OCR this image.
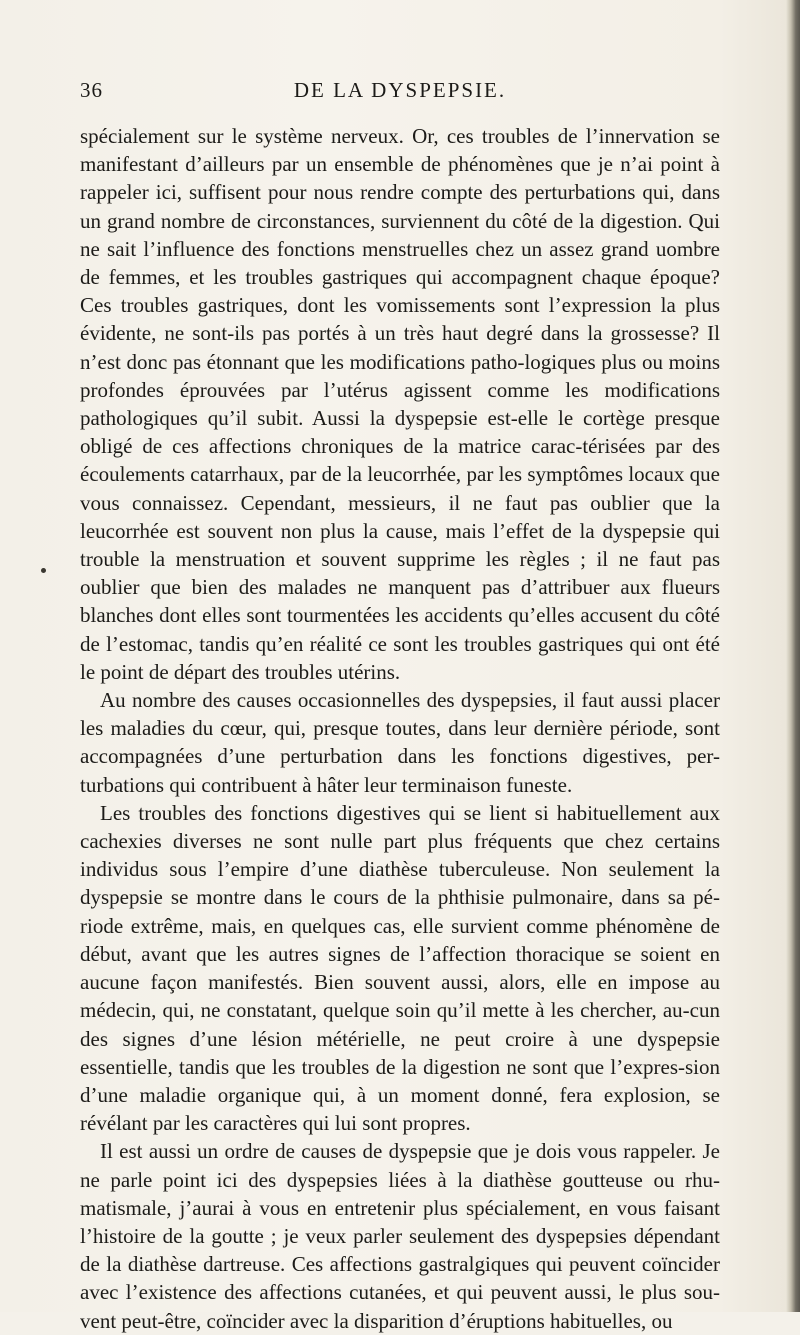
36	DE LA DYSPEPSIE.

spécialement sur le système nerveux. Or, ces troubles de l’innervation se manifestant d’ailleurs par un ensemble de phénomènes que je n’ai point à rappeler ici, suffisent pour nous rendre compte des perturbations qui, dans un grand nombre de circonstances, surviennent du côté de la digestion. Qui ne sait l’influence des fonctions menstruelles chez un assez grand uombre de femmes, et les troubles gastriques qui accompagnent chaque époque? Ces troubles gastriques, dont les vomissements sont l’expression la plus évidente, ne sont-ils pas portés à un très haut degré dans la grossesse? Il n’est donc pas étonnant que les modifications patho-logiques plus ou moins profondes éprouvées par l’utérus agissent comme les modifications pathologiques qu’il subit. Aussi la dyspepsie est-elle le cortège presque obligé de ces affections chroniques de la matrice carac-térisées par des écoulements catarrhaux, par de la leucorrhée, par les symptômes locaux que vous connaissez. Cependant, messieurs, il ne faut pas oublier que la leucorrhée est souvent non plus la cause, mais l’effet de la dyspepsie qui trouble la menstruation et souvent supprime les règles ; il ne faut pas oublier que bien des malades ne manquent pas d’attribuer aux flueurs blanches dont elles sont tourmentées les accidents qu’elles accusent du côté de l’estomac, tandis qu’en réalité ce sont les troubles gastriques qui ont été le point de départ des troubles utérins.

Au nombre des causes occasionnelles des dyspepsies, il faut aussi placer les maladies du cœur, qui, presque toutes, dans leur dernière période, sont accompagnées d’une perturbation dans les fonctions digestives, per-turbations qui contribuent à hâter leur terminaison funeste.

Les troubles des fonctions digestives qui se lient si habituellement aux cachexies diverses ne sont nulle part plus fréquents que chez certains individus sous l’empire d’une diathèse tuberculeuse. Non seulement la dyspepsie se montre dans le cours de la phthisie pulmonaire, dans sa pé-riode extrême, mais, en quelques cas, elle survient comme phénomène de début, avant que les autres signes de l’affection thoracique se soient en aucune façon manifestés. Bien souvent aussi, alors, elle en impose au médecin, qui, ne constatant, quelque soin qu’il mette à les chercher, au-cun des signes d’une lésion métérielle, ne peut croire à une dyspepsie essentielle, tandis que les troubles de la digestion ne sont que l’expres-sion d’une maladie organique qui, à un moment donné, fera explosion, se révélant par les caractères qui lui sont propres.

Il est aussi un ordre de causes de dyspepsie que je dois vous rappeler. Je ne parle point ici des dyspepsies liées à la diathèse goutteuse ou rhu-matismale, j’aurai à vous en entretenir plus spécialement, en vous faisant l’histoire de la goutte ; je veux parler seulement des dyspepsies dépendant de la diathèse dartreuse. Ces affections gastralgiques qui peuvent coïncider avec l’existence des affections cutanées, et qui peuvent aussi, le plus sou-vent peut-être, coïncider avec la disparition d’éruptions habituelles, ou
